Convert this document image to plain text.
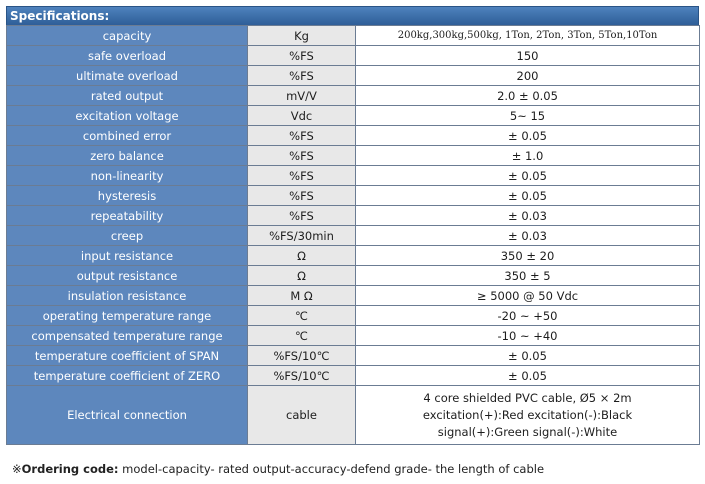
Specifications:
capacity	Kg	200kg,300kg,500kg, 1Ton, 2Ton, 3Ton, 5Ton,10Ton
safe overload	%FS	150
ultimate overload	%FS	200
rated output	mV/V	2.0 ± 0.05
excitation voltage	Vdc	5~ 15
combined error	%FS	± 0.05
zero balance	%FS	± 1.0
non-linearity	%FS	± 0.05
hysteresis	%FS	± 0.05
repeatability	%FS	± 0.03
creep	%FS/30min	± 0.03
input resistance	Ω	350 ± 20
output resistance	Ω	350 ± 5
insulation resistance	M Ω	≥ 5000 @ 50 Vdc
operating temperature range	℃	-20 ~ +50
compensated temperature range	℃	-10 ~ +40
temperature coefficient of SPAN	%FS/10℃	± 0.05
temperature coefficient of ZERO	%FS/10℃	± 0.05
Electrical connection	cable	4 core shielded PVC cable, Ø5 × 2m
excitation(+):Red excitation(-):Black
signal(+):Green signal(-):White
※Ordering code: model-capacity- rated output-accuracy-defend grade- the length of cable
